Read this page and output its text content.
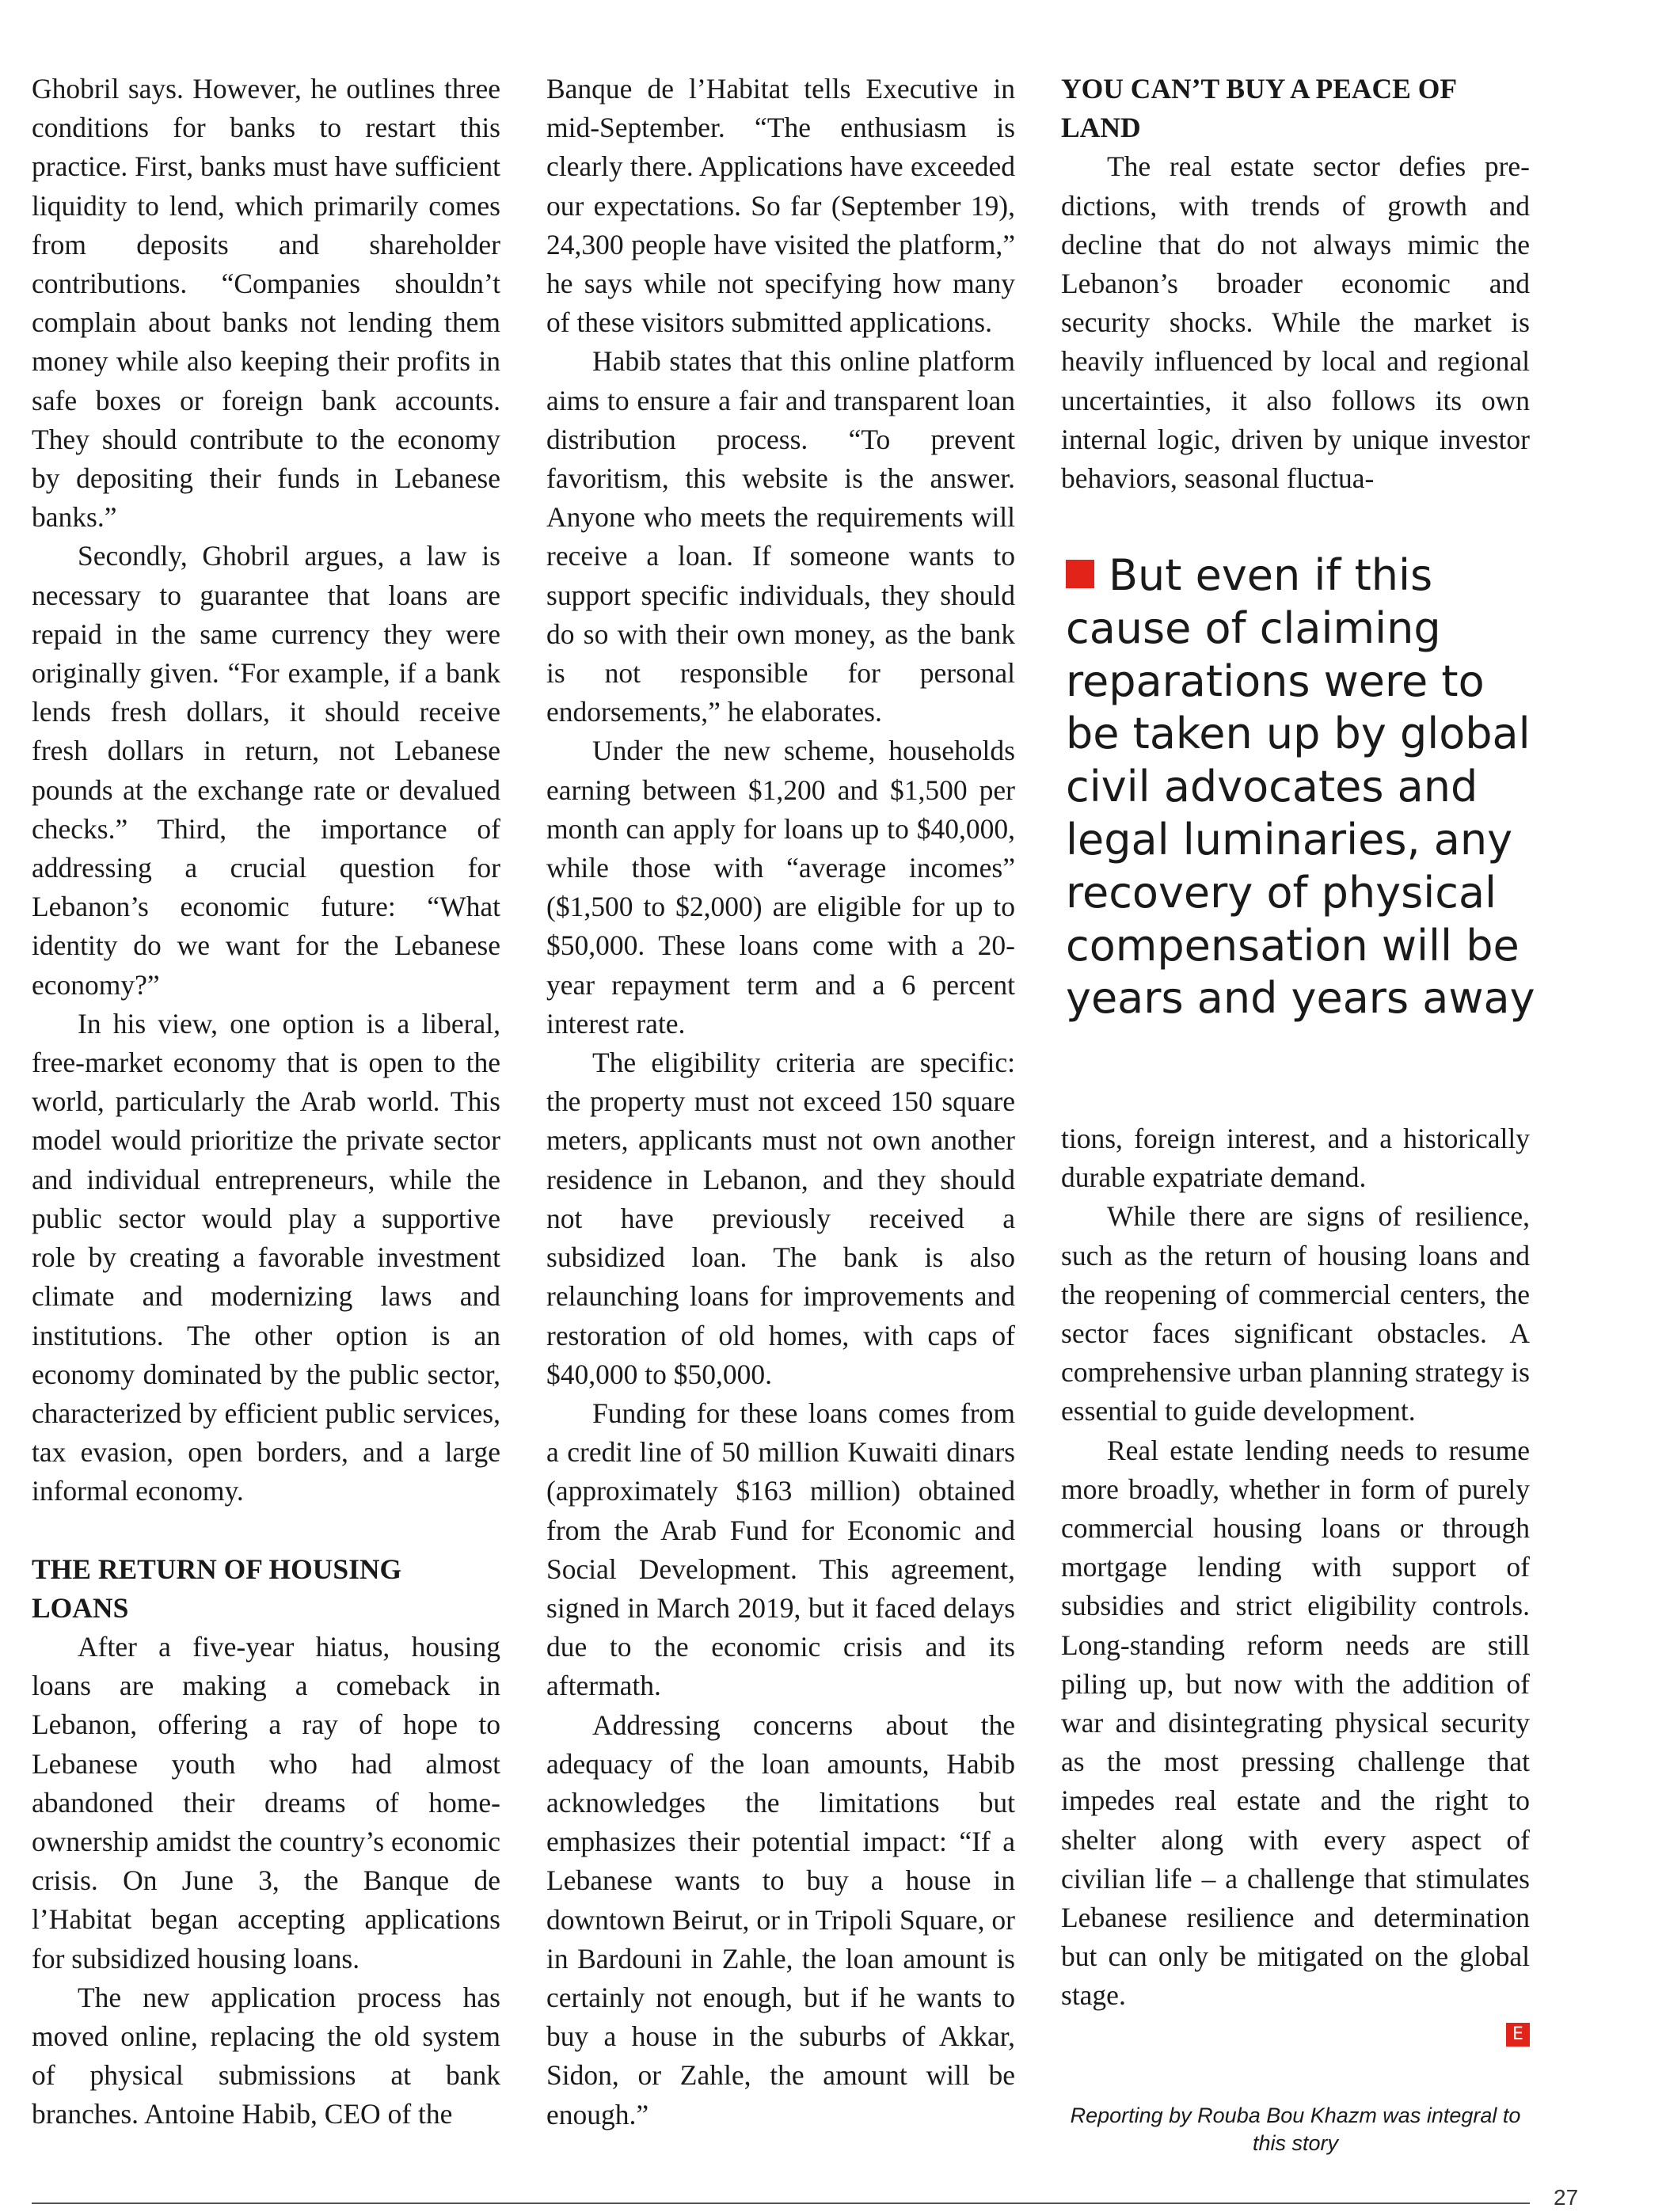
Ghobril says. However, he outlines three conditions for banks to restart this practice. First, banks must have sufficient liquidity to lend, which primarily comes from deposits and shareholder contributions. “Companies shouldn’t complain about banks not lending them money while also keeping their profits in safe boxes or foreign bank accounts. They should contribute to the economy by depositing their funds in Lebanese banks.”

Secondly, Ghobril argues, a law is necessary to guarantee that loans are repaid in the same currency they were originally given. “For example, if a bank lends fresh dollars, it should receive fresh dollars in return, not Lebanese pounds at the exchange rate or devalued checks.” Third, the importance of addressing a crucial question for Lebanon’s economic future: “What identity do we want for the Lebanese economy?”

In his view, one option is a liberal, free-market economy that is open to the world, particularly the Arab world. This model would prioritize the private sector and individual entrepreneurs, while the public sector would play a supportive role by creating a favorable investment climate and modernizing laws and institutions. The other option is an economy dominated by the public sector, characterized by efficient public services, tax evasion, open borders, and a large informal economy.

THE RETURN OF HOUSING LOANS

After a five-year hiatus, housing loans are making a comeback in Lebanon, offering a ray of hope to Lebanese youth who had almost abandoned their dreams of homeownership amidst the country’s economic crisis. On June 3, the Banque de l’Habitat began accepting applications for subsidized housing loans.

The new application process has moved online, replacing the old system of physical submissions at bank branches. Antoine Habib, CEO of the

Banque de l’Habitat tells Executive in mid-September. “The enthusiasm is clearly there. Applications have exceeded our expectations. So far (September 19), 24,300 people have visited the platform,” he says while not specifying how many of these visitors submitted applications.

Habib states that this online platform aims to ensure a fair and transparent loan distribution process. “To prevent favoritism, this website is the answer. Anyone who meets the requirements will receive a loan. If someone wants to support specific individuals, they should do so with their own money, as the bank is not responsible for personal endorsements,” he elaborates.

Under the new scheme, households earning between $1,200 and $1,500 per month can apply for loans up to $40,000, while those with “average incomes” ($1,500 to $2,000) are eligible for up to $50,000. These loans come with a 20-year repayment term and a 6 percent interest rate.

The eligibility criteria are specific: the property must not exceed 150 square meters, applicants must not own another residence in Lebanon, and they should not have previously received a subsidized loan. The bank is also relaunching loans for improvements and restoration of old homes, with caps of $40,000 to $50,000.

Funding for these loans comes from a credit line of 50 million Kuwaiti dinars (approximately $163 million) obtained from the Arab Fund for Economic and Social Development. This agreement, signed in March 2019, but it faced delays due to the economic crisis and its aftermath.

Addressing concerns about the adequacy of the loan amounts, Habib acknowledges the limitations but emphasizes their potential impact: “If a Lebanese wants to buy a house in downtown Beirut, or in Tripoli Square, or in Bardouni in Zahle, the loan amount is certainly not enough, but if he wants to buy a house in the suburbs of Akkar, Sidon, or Zahle, the amount will be enough.”

YOU CAN’T BUY A PEACE OF LAND

The real estate sector defies predictions, with trends of growth and decline that do not always mimic the Lebanon’s broader economic and security shocks. While the market is heavily influenced by local and regional uncertainties, it also follows its own internal logic, driven by unique investor behaviors, seasonal fluctua-

But even if this cause of claiming reparations were to be taken up by global civil advocates and legal luminaries, any recovery of physical compensation will be years and years away

tions, foreign interest, and a historically durable expatriate demand.

While there are signs of resilience, such as the return of housing loans and the reopening of commercial centers, the sector faces significant obstacles. A comprehensive urban planning strategy is essential to guide development.

Real estate lending needs to resume more broadly, whether in form of purely commercial housing loans or through mortgage lending with support of subsidies and strict eligibility controls. Long-standing reform needs are still piling up, but now with the addition of war and disintegrating physical security as the most pressing challenge that impedes real estate and the right to shelter along with every aspect of civilian life – a challenge that stimulates Lebanese resilience and determination but can only be mitigated on the global stage.

E

Reporting by Rouba Bou Khazm was integral to this story
27
